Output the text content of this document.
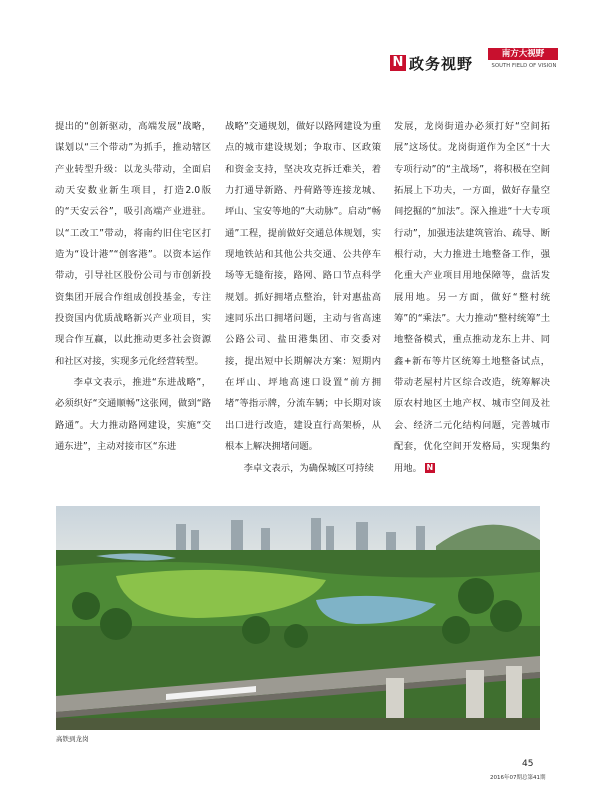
N 政务视野
南方大视野
SOUTH FIELD OF VISION

提出的“创新驱动，高端发展”战略，谋划以“三个带动”为抓手，推动辖区产业转型升级：以龙头带动，全面启动天安数业新生项目，打造2.0版的“天安云谷”，吸引高端产业进驻。以“工改工”带动，将南约旧住宅区打造为“设计港”“创客港”。以资本运作带动，引导社区股份公司与市创新投资集团开展合作组成创投基金，专注投资国内优质战略新兴产业项目，实现合作互赢，以此推动更多社会资源和社区对接，实现多元化经营转型。

李卓文表示，推进“东进战略”，必须织好“交通顺畅”这张网，做到“路路通”。大力推动路网建设，实施“交通东进”，主动对接市区“东进

战略”交通规划，做好以路网建设为重点的城市建设规划；争取市、区政策和资金支持，坚决攻克拆迁难关，着力打通导新路、丹荷路等连接龙城、坪山、宝安等地的“大动脉”。启动“畅通”工程，提前做好交通总体规划，实现地铁站和其他公共交通、公共停车场等无缝衔接，路网、路口节点科学规划。抓好拥堵点整治，针对惠盐高速同乐出口拥堵问题，主动与省高速公路公司、盐田港集团、市交委对接，提出短中长期解决方案：短期内在坪山、坪地高速口设置“前方拥堵”等指示牌，分流车辆；中长期对该出口进行改造，建设直行高架桥，从根本上解决拥堵问题。

李卓文表示，为确保城区可持续

发展，龙岗街道办必须打好“空间拓展”这场仗。龙岗街道作为全区“十大专项行动”的“主战场”，将积极在空间拓展上下功夫，一方面，做好存量空间挖掘的“加法”。深入推进“十大专项行动”，加强违法建筑管治、疏导、断根行动，大力推进土地整备工作，强化重大产业项目用地保障等，盘活发展用地。另一方面，做好“整村统筹”的“乘法”。大力推动“整村统筹”土地整备模式，重点推动龙东上井、同鑫+新布等片区统筹土地整备试点，带动老屋村片区综合改造，统筹解决原农村地区土地产权、城市空间及社会、经济二元化结构问题，完善城市配套，优化空间开发格局，实现集约用地。 N

高铁到龙岗
45
2016年07期总第41期
